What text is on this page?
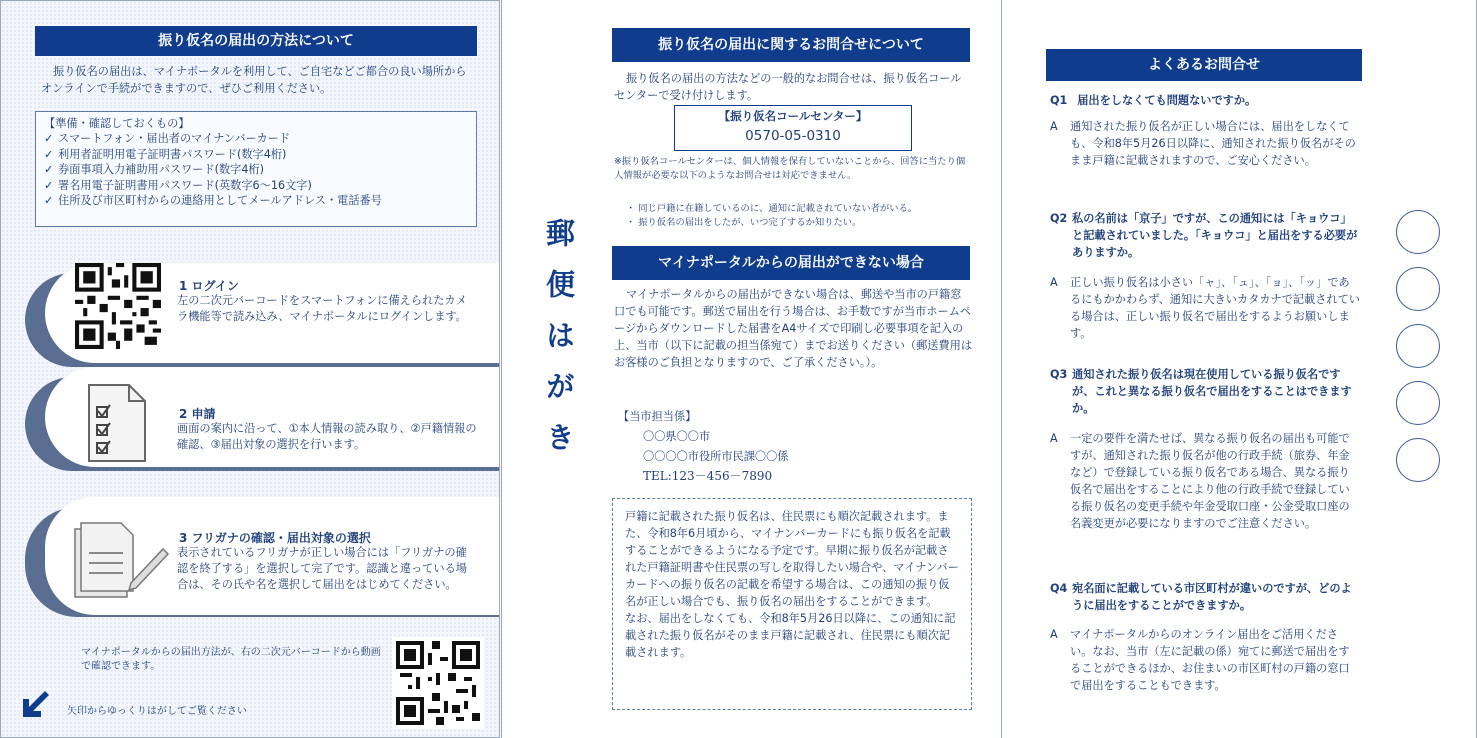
振り仮名の届出の方法について
振り仮名の届出は、マイナポータルを利用して、ご自宅などご都合の良い場所からオンラインで手続ができますので、ぜひご利用ください。
【準備・確認しておくもの】
✓ スマートフォン・届出者のマイナンバーカード
✓ 利用者証明用電子証明書パスワード(数字4桁)
✓ 券面事項入力補助用パスワード(数字4桁)
✓ 署名用電子証明書用パスワード(英数字6～16文字)
✓ 住所及び市区町村からの連絡用としてメールアドレス・電話番号
1 ログイン
左の二次元バーコードをスマートフォンに備えられたカメラ機能等で読み込み、マイナポータルにログインします。
2 申請
画面の案内に沿って、①本人情報の読み取り、②戸籍情報の確認、③届出対象の選択を行います。
3 フリガナの確認・届出対象の選択
表示されているフリガナが正しい場合には「フリガナの確認を終了する」を選択して完了です。認識と違っている場合は、その氏や名を選択して届出をはじめてください。
マイナポータルからの届出方法が、右の二次元バーコードから動画で確認できます。
矢印からゆっくりはがしてご覧ください
郵便はがき
振り仮名の届出に関するお問合せについて
振り仮名の届出の方法などの一般的なお問合せは、振り仮名コールセンターで受け付けします。
【振り仮名コールセンター】
0570-05-0310
※振り仮名コールセンターは、個人情報を保有していないことから、回答に当たり個人情報が必要な以下のようなお問合せは対応できません。
・ 同じ戸籍に在籍しているのに、通知に記載されていない者がいる。
・ 振り仮名の届出をしたが、いつ完了するか知りたい。
マイナポータルからの届出ができない場合
マイナポータルからの届出ができない場合は、郵送や当市の戸籍窓口でも可能です。郵送で届出を行う場合は、お手数ですが当市ホームページからダウンロードした届書をA4サイズで印刷し必要事項を記入の上、当市（以下に記載の担当係宛て）までお送りください（郵送費用はお客様のご負担となりますので、ご了承ください。）。
【当市担当係】
〇〇県〇〇市
〇〇〇〇市役所市民課〇〇係
TEL:123－456－7890
戸籍に記載された振り仮名は、住民票にも順次記載されます。また、令和8年6月頃から、マイナンバーカードにも振り仮名を記載することができるようになる予定です。早期に振り仮名が記載された戸籍証明書や住民票の写しを取得したい場合や、マイナンバーカードへの振り仮名の記載を希望する場合は、この通知の振り仮名が正しい場合でも、振り仮名の届出をすることができます。
なお、届出をしなくても、令和8年5月26日以降に、この通知に記載された振り仮名がそのまま戸籍に記載され、住民票にも順次記載されます。
よくあるお問合せ
Q1 届出をしなくても問題ないですか。
A 通知された振り仮名が正しい場合には、届出をしなくても、令和8年5月26日以降に、通知された振り仮名がそのまま戸籍に記載されますので、ご安心ください。
Q2 私の名前は「京子」ですが、この通知には「キョウコ」と記載されていました。「キョウコ」と届出をする必要がありますか。
A 正しい振り仮名は小さい「ャ」、「ュ」、「ョ」、「ッ」であるにもかかわらず、通知に大きいカタカナで記載されている場合は、正しい振り仮名で届出をするようお願いします。
Q3 通知された振り仮名は現在使用している振り仮名ですが、これと異なる振り仮名で届出をすることはできますか。
A 一定の要件を満たせば、異なる振り仮名の届出も可能ですが、通知された振り仮名が他の行政手続（旅券、年金など）で登録している振り仮名である場合、異なる振り仮名で届出をすることにより他の行政手続で登録している振り仮名の変更手続や年金受取口座・公金受取口座の名義変更が必要になりますのでご注意ください。
Q4 宛名面に記載している市区町村が違いのですが、どのように届出をすることができますか。
A マイナポータルからのオンライン届出をご活用ください。なお、当市（左に記載の係）宛てに郵送で届出をすることができるほか、お住まいの市区町村の戸籍の窓口で届出をすることもできます。
